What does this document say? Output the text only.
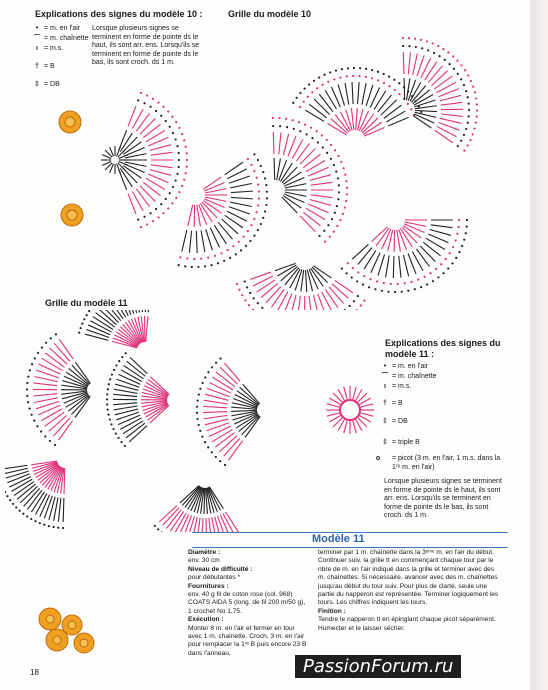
Explications des signes du modèle 10 :	Grille du modèle 10
• = m. en l'air
⌒ = m. chaînette
ı = m.s.
† = B
‡ = DB
Lorsque plusieurs signes se terminent en forme de pointe ds le haut, ils sont arr. ens. Lorsqu'ils se terminent en forme de pointe ds le bas, ils sont croch. ds 1 m.
Grille du modèle 11
Explications des signes du modèle 11 :
• = m. en l'air
⌒ = m. chaînette
ı = m.s.
† = B
‡ = DB
‡ = triple B
o = picot (3 m. en l'air, 1 m.s. dans la 1ʳᵉ m. en l'air)
Lorsque plusieurs signes se terminent en forme de pointe ds le haut, ils sont arr. ens. Lorsqu'ils se terminent en forme de pointe ds le bas, ils sont croch. ds 1 m.
Modèle 11
Diamètre :
env. 30 cm
Niveau de difficulté :
pour débutantes *
Fournitures :
env. 40 g fil de coton rose (col. 968) COATS AIDA 5 (long. de fil 200 m/50 g), 1 crochet No 1,75.
Exécution :
Monter 8 m. en l'air et fermer en tour avec 1 m. chaînette. Croch. 3 m. en l'air pour remplacer la 1ʳᵉ B puis encore 23 B dans l'anneau,
terminer par 1 m. chaînette dans la 3ᵉᵐᵉ m. en l'air du début. Continuer suiv. la grille tt en commençant chaque tour par le nbre de m. en l'air indiqué dans la grille et terminer avec des m. chaînettes. Si nécessaire, avancer avec des m. chaînettes jusqu'au début du tour suiv. Pour plus de clarté, seule une partie du napperon est représentée. Terminer logiquement les tours. Les chiffres indiquent les tours.
Finition :
Tendre le napperon tt en épinglant chaque picot séparément. Humecter et le laisser sécher.
18	PassionForum.ru
